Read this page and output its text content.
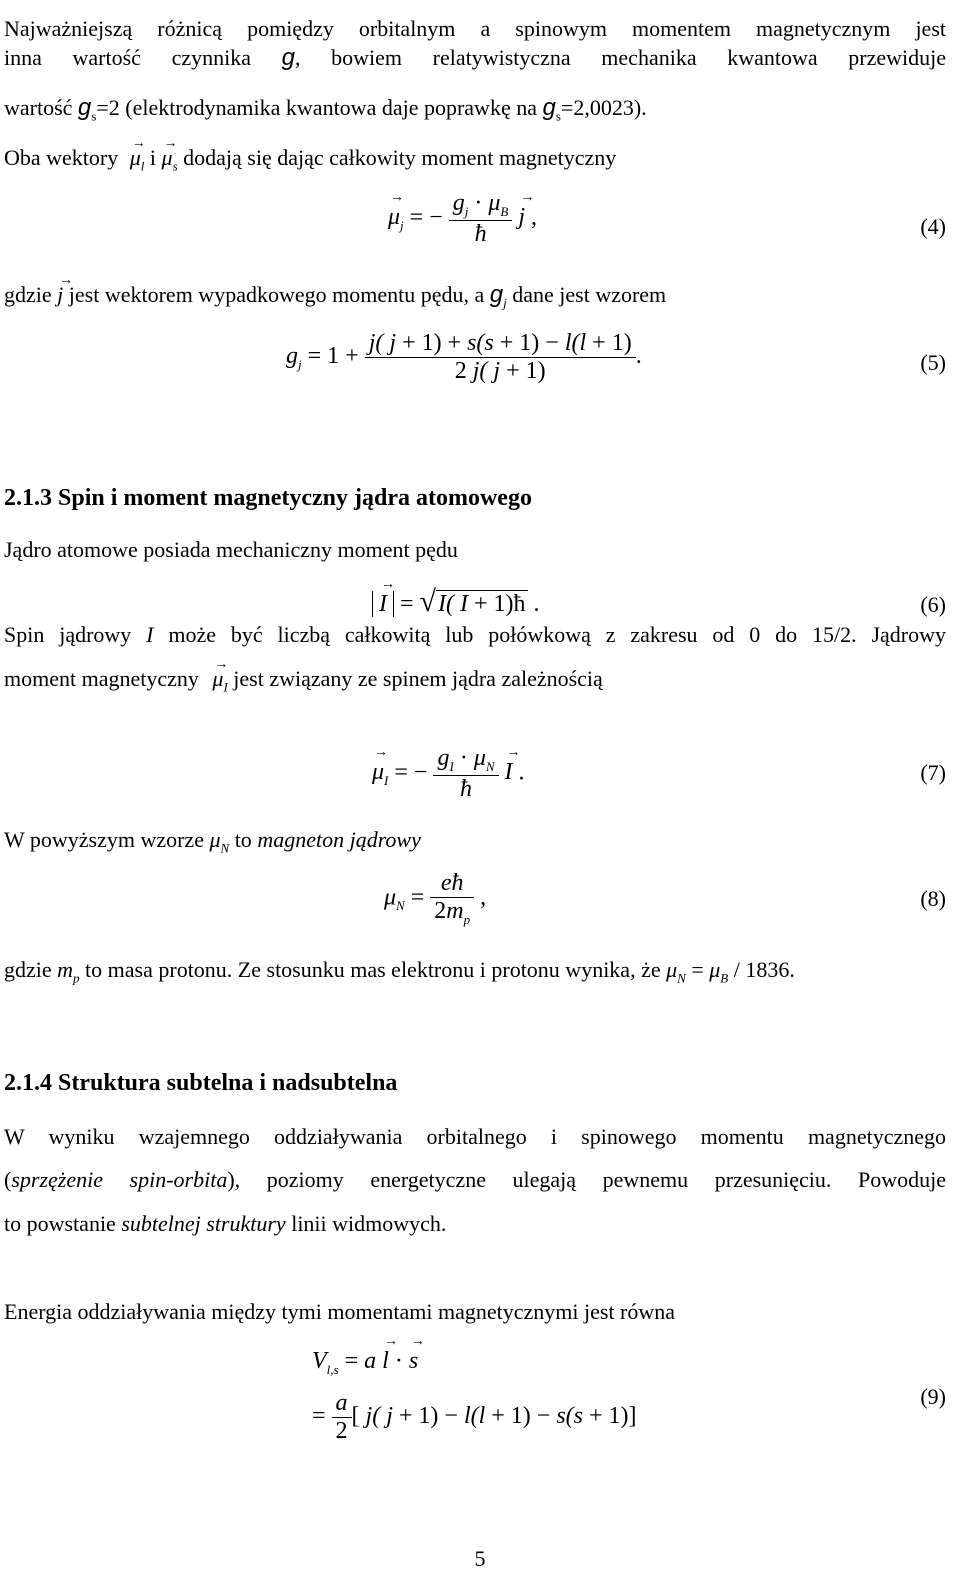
Najważniejszą różnicą pomiędzy orbitalnym a spinowym momentem magnetycznym jest
inna wartość czynnika g, bowiem relatywistyczna mechanika kwantowa przewiduje
wartość $g_s=2$ (elektrodynamika kwantowa daje poprawkę na $g_s=2,0023$).
Oba wektory → $\mu_l$ $i \to \mu_s$ dodają się dając całkowity moment magnetyczny
→ $\mu_j$ = − $\frac{g_j \cdot \mu_B}{ħ}$
→ j ,	(4)
gdzie → j jest wektorem wypadkowego momentu pędu, a $g_j$ dane jest wzorem
$g_j = 1 + \frac{j( j + 1) + s(s + 1) - l(l + 1)}{2 j( j + 1)}$ .	(5)
2.1.3 Spin i moment magnetyczny jądra atomowego
Jądro atomowe posiada mechaniczny moment pędu
→ I = √I( I + 1)ħ .	(6)
Spin jądrowy I może być liczbą całkowitą lub połówkową z zakresu od 0 do 15/2. Jądrowy
moment magnetyczny → $\mu_I$ jest związany ze spinem jądra zależnością
→ $\mu_I$ = − $\frac{g_I \cdot \mu_N}{ħ}$
→ I .	(7)
W powyższym wzorze $\mu_N$ to magneton jądrowy
$\mu_N = \frac{eħ}{2m_p}$ ,	(8)
gdzie $m_p$ to masa protonu. Ze stosunku mas elektronu i protonu wynika, że $\mu_N = \mu_B / 1836$.
2.1.4 Struktura subtelna i nadsubtelna
W wyniku wzajemnego oddziaływania orbitalnego i spinowego momentu magnetycznego
(sprzężenie spin-orbita), poziomy energetyczne ulegają pewnemu przesunięciu. Powoduje
to powstanie subtelnej struktury linii widmowych.
Energia oddziaływania między tymi momentami magnetycznymi jest równa
$V_{l,s} = a \to l$ · → s
= $\frac{a}{2}$ [ j( j + 1) − l(l + 1) − s(s + 1)]
(9)
5
